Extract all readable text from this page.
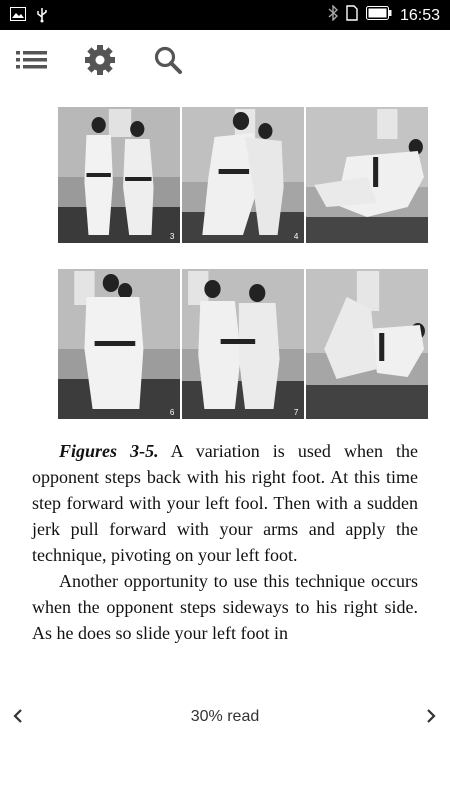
16:53
3	4
6	7

Figures 3-5. A variation is used when the opponent steps back with his right foot. At this time step forward with your left fool. Then with a sudden jerk pull forward with your arms and apply the technique, pivoting on your left foot.

Another opportunity to use this technique occurs when the opponent steps sideways to his right side. As he does so slide your left foot in

30% read
